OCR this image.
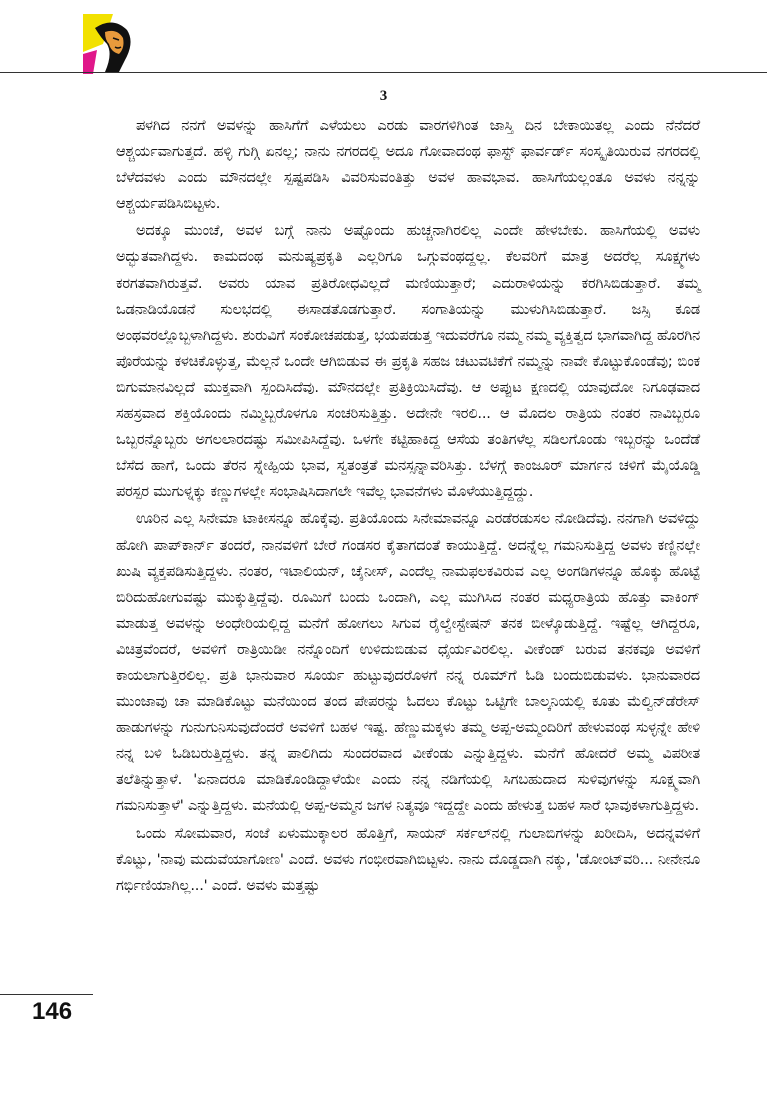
3

ಪಳಗಿದ ನನಗೆ ಅವಳನ್ನು ಹಾಸಿಗೆಗೆ ಎಳೆಯಲು ಎರಡು ವಾರಗಳಿಗಿಂತ ಜಾಸ್ತಿ ದಿನ ಬೇಕಾಯಿತಲ್ಲ ಎಂದು ನೆನೆದರೆ ಆಶ್ಚರ್ಯವಾಗುತ್ತದೆ. ಹಳ್ಳಿ ಗುಗ್ಗಿ ಏನಲ್ಲ; ನಾನು ನಗರದಲ್ಲಿ ಅದೂ ಗೋವಾದಂಥ ಫಾಸ್ಟ್ ಫಾರ್ವರ್ಡ್ ಸಂಸ್ಕೃತಿಯಿರುವ ನಗರದಲ್ಲಿ ಬೆಳೆದವಳು ಎಂದು ಮೌನದಲ್ಲೇ ಸ್ಪಷ್ಟಪಡಿಸಿ ವಿವರಿಸುವಂತಿತ್ತು ಅವಳ ಹಾವಭಾವ. ಹಾಸಿಗೆಯಲ್ಲಂತೂ ಅವಳು ನನ್ನನ್ನು ಆಶ್ಚರ್ಯಪಡಿಸಿಬಿಟ್ಟಳು.

ಅದಕ್ಕೂ ಮುಂಚೆ, ಅವಳ ಬಗ್ಗೆ ನಾನು ಅಷ್ಟೊಂದು ಹುಚ್ಚನಾಗಿರಲಿಲ್ಲ ಎಂದೇ ಹೇಳಬೇಕು. ಹಾಸಿಗೆಯಲ್ಲಿ ಅವಳು ಅದ್ಭುತವಾಗಿದ್ದಳು. ಕಾಮದಂಥ ಮನುಷ್ಯಪ್ರಕೃತಿ ಎಲ್ಲರಿಗೂ ಒಗ್ಗುವಂಥದ್ದಲ್ಲ. ಕೆಲವರಿಗೆ ಮಾತ್ರ ಅದರೆಲ್ಲ ಸೂಕ್ಷ್ಮಗಳು ಕರಗತವಾಗಿರುತ್ತವೆ. ಅವರು ಯಾವ ಪ್ರತಿರೋಧವಿಲ್ಲದೆ ಮಣಿಯುತ್ತಾರೆ; ಎದುರಾಳಿಯನ್ನು ಕರಗಿಸಿಬಿಡುತ್ತಾರೆ. ತಮ್ಮ ಒಡನಾಡಿಯೊಡನೆ ಸುಲಭದಲ್ಲಿ ಈಸಾಡತೊಡಗುತ್ತಾರೆ. ಸಂಗಾತಿಯನ್ನು ಮುಳುಗಿಸಿಬಿಡುತ್ತಾರೆ. ಜಸ್ಸಿ ಕೂಡ ಅಂಥವರಲ್ಲೊಬ್ಬಳಾಗಿದ್ದಳು. ಶುರುವಿಗೆ ಸಂಕೋಚಪಡುತ್ತ, ಭಯಪಡುತ್ತ ಇದುವರೆಗೂ ನಮ್ಮ ನಮ್ಮ ವ್ಯಕ್ತಿತ್ವದ ಭಾಗವಾಗಿದ್ದ ಹೊರಗಿನ ಪೊರೆಯನ್ನು ಕಳಚಿಕೊಳ್ಳುತ್ತ, ಮೆಲ್ಲನೆ ಒಂದೇ ಆಗಿಬಿಡುವ ಈ ಪ್ರಕೃತಿ ಸಹಜ ಚಟುವಟಿಕೆಗೆ ನಮ್ಮನ್ನು ನಾವೇ ಕೊಟ್ಟುಕೊಂಡೆವು; ಬಿಂಕ ಬಿಗುಮಾನವಿಲ್ಲದೆ ಮುಕ್ತವಾಗಿ ಸ್ಪಂದಿಸಿದೆವು. ಮೌನದಲ್ಲೇ ಪ್ರತಿಕ್ರಿಯಿಸಿದೆವು. ಆ ಅಪ್ಪುಟ ಕ್ಷಣದಲ್ಲಿ ಯಾವುದೋ ನಿಗೂಢವಾದ ಸಹಸ್ರವಾದ ಶಕ್ತಿಯೊಂದು ನಮ್ಮಿಬ್ಬರೊಳಗೂ ಸಂಚರಿಸುತ್ತಿತ್ತು. ಅದೇನೇ ಇರಲಿ... ಆ ಮೊದಲ ರಾತ್ರಿಯ ನಂತರ ನಾವಿಬ್ಬರೂ ಒಬ್ಬರನ್ನೊಬ್ಬರು ಅಗಲಲಾರದಷ್ಟು ಸಮೀಪಿಸಿದ್ದೆವು. ಒಳಗೇ ಕಟ್ಟಿಹಾಕಿದ್ದ ಆಸೆಯ ತಂತಿಗಳೆಲ್ಲ ಸಡಿಲಗೊಂಡು ಇಬ್ಬರನ್ನು ಒಂದೆಡೆ ಬೆಸೆದ ಹಾಗೆ, ಒಂದು ತೆರನ ಸ್ನೇಹ್ಪಿಯ ಭಾವ, ಸ್ವತಂತ್ರತೆ ಮನಸ್ಸನ್ನಾವರಿಸಿತ್ತು. ಬೆಳಗ್ಗೆ ಕಾಂಜೂರ್ ಮಾರ್ಗನ ಚಳಿಗೆ ಮೈಯೊಡ್ಡಿ ಪರಸ್ಪರ ಮುಗುಳ್ನಕ್ಕು ಕಣ್ಣುಗಳಲ್ಲೇ ಸಂಭಾಷಿಸಿದಾಗಲೇ ಇವೆಲ್ಲ ಭಾವನೆಗಳು ಮೊಳೆಯುತ್ತಿದ್ದದ್ದು.

ಊರಿನ ಎಲ್ಲ ಸಿನೇಮಾ ಟಾಕೀಸನ್ನೂ ಹೊಕ್ಕೆವು. ಪ್ರತಿಯೊಂದು ಸಿನೇಮಾವನ್ನೂ ಎರಡೆರಡುಸಲ ನೋಡಿದೆವು. ನನಗಾಗಿ ಅವಳಿದ್ದು ಹೋಗಿ ಪಾಪ್‌ಕಾರ್ನ್ ತಂದರೆ, ನಾನವಳಿಗೆ ಬೇರೆ ಗಂಡಸರ ಕೈತಾಗದಂತೆ ಕಾಯುತ್ತಿದ್ದೆ. ಅದನ್ನೆಲ್ಲ ಗಮನಿಸುತ್ತಿದ್ದ ಅವಳು ಕಣ್ಣಿನಲ್ಲೇ ಖುಷಿ ವ್ಯಕ್ತಪಡಿಸುತ್ತಿದ್ದಳು. ನಂತರ, ಇಟಾಲಿಯನ್, ಚೈನೀಸ್, ಎಂದೆಲ್ಲ ನಾಮಫಲಕವಿರುವ ಎಲ್ಲ ಅಂಗಡಿಗಳನ್ನೂ ಹೊಕ್ಕು ಹೊಟ್ಟೆ ಬಿರಿದುಹೋಗುವಷ್ಟು ಮುಕ್ಕುತ್ತಿದ್ದೆವು. ರೂಮಿಗೆ ಬಂದು ಒಂದಾಗಿ, ಎಲ್ಲ ಮುಗಿಸಿದ ನಂತರ ಮಧ್ಯರಾತ್ರಿಯ ಹೊತ್ತು ವಾಕಿಂಗ್ ಮಾಡುತ್ತ ಅವಳನ್ನು ಅಂಧೇರಿಯಲ್ಲಿದ್ದ ಮನೆಗೆ ಹೋಗಲು ಸಿಗುವ ರೈಲ್ವೇಸ್ಟೇಷನ್ ತನಕ ಬೀಳ್ಕೊಡುತ್ತಿದ್ದೆ. ಇಷ್ಟೆಲ್ಲ ಆಗಿದ್ದರೂ, ವಿಚಿತ್ರವೆಂದರೆ, ಅವಳಿಗೆ ರಾತ್ರಿಯಿಡೀ ನನ್ನೊಂದಿಗೆ ಉಳಿದುಬಿಡುವ ಧೈರ್ಯವಿರಲಿಲ್ಲ. ವೀಕೆಂಡ್ ಬರುವ ತನಕವೂ ಅವಳಿಗೆ ಕಾಯಲಾಗುತ್ತಿರಲಿಲ್ಲ. ಪ್ರತಿ ಭಾನುವಾರ ಸೂರ್ಯ ಹುಟ್ಟುವುದರೊಳಗೆ ನನ್ನ ರೂಮ್‌ಗೆ ಓಡಿ ಬಂದುಬಿಡುವಳು. ಭಾನುವಾರದ ಮುಂಜಾವು ಚಾ ಮಾಡಿಕೊಟ್ಟು ಮನೆಯಿಂದ ತಂದ ಪೇಪರನ್ನು ಓದಲು ಕೊಟ್ಟು ಒಟ್ಟಿಗೇ ಬಾಲ್ಕನಿಯಲ್ಲಿ ಕೂತು ಮೆಲ್ವಿನ್‌ಡೆರೇಸ್ ಹಾಡುಗಳನ್ನು ಗುನುಗುನಿಸುವುದೆಂದರೆ ಅವಳಿಗೆ ಬಹಳ ಇಷ್ಟ. ಹೆಣ್ಣುಮಕ್ಕಳು ತಮ್ಮ ಅಪ್ಪ-ಅಮ್ಮಂದಿರಿಗೆ ಹೇಳುವಂಥ ಸುಳ್ಳನ್ನೇ ಹೇಳಿ ನನ್ನ ಬಳಿ ಓಡಿಬರುತ್ತಿದ್ದಳು. ತನ್ನ ಪಾಲಿಗಿದು ಸುಂದರವಾದ ವೀಕೆಂಡು ಎನ್ನುತ್ತಿದ್ದಳು. ಮನೆಗೆ ಹೋದರೆ ಅಮ್ಮ ವಿಪರೀತ ತಲೆತಿನ್ನುತ್ತಾಳೆ. 'ಏನಾದರೂ ಮಾಡಿಕೊಂಡಿದ್ದಾಳೆಯೇ ಎಂದು ನನ್ನ ನಡಿಗೆಯಲ್ಲಿ ಸಿಗಬಹುದಾದ ಸುಳಿವುಗಳನ್ನು ಸೂಕ್ಷ್ಮವಾಗಿ ಗಮನಿಸುತ್ತಾಳೆ' ಎನ್ನುತ್ತಿದ್ದಳು. ಮನೆಯಲ್ಲಿ ಅಪ್ಪ-ಅಮ್ಮನ ಜಗಳ ನಿತ್ಯವೂ ಇದ್ದದ್ದೇ ಎಂದು ಹೇಳುತ್ತ ಬಹಳ ಸಾರೆ ಭಾವುಕಳಾಗುತ್ತಿದ್ದಳು.

ಒಂದು ಸೋಮವಾರ, ಸಂಜೆ ಏಳುಮುಕ್ಕಾಲರ ಹೊತ್ತಿಗೆ, ಸಾಯನ್ ಸರ್ಕಲ್‌ನಲ್ಲಿ ಗುಲಾಬಿಗಳನ್ನು ಖರೀದಿಸಿ, ಅದನ್ನವಳಿಗೆ ಕೊಟ್ಟು, 'ನಾವು ಮದುವೆಯಾಗೋಣ' ಎಂದೆ. ಅವಳು ಗಂಭೀರವಾಗಿಬಿಟ್ಟಳು. ನಾನು ದೊಡ್ಡದಾಗಿ ನಕ್ಕು, 'ಡೋಂಟ್‌ವರಿ... ನೀನೇನೂ ಗರ್ಭಿಣಿಯಾಗಿಲ್ಲ...' ಎಂದೆ. ಅವಳು ಮತ್ತಷ್ಟು

146
